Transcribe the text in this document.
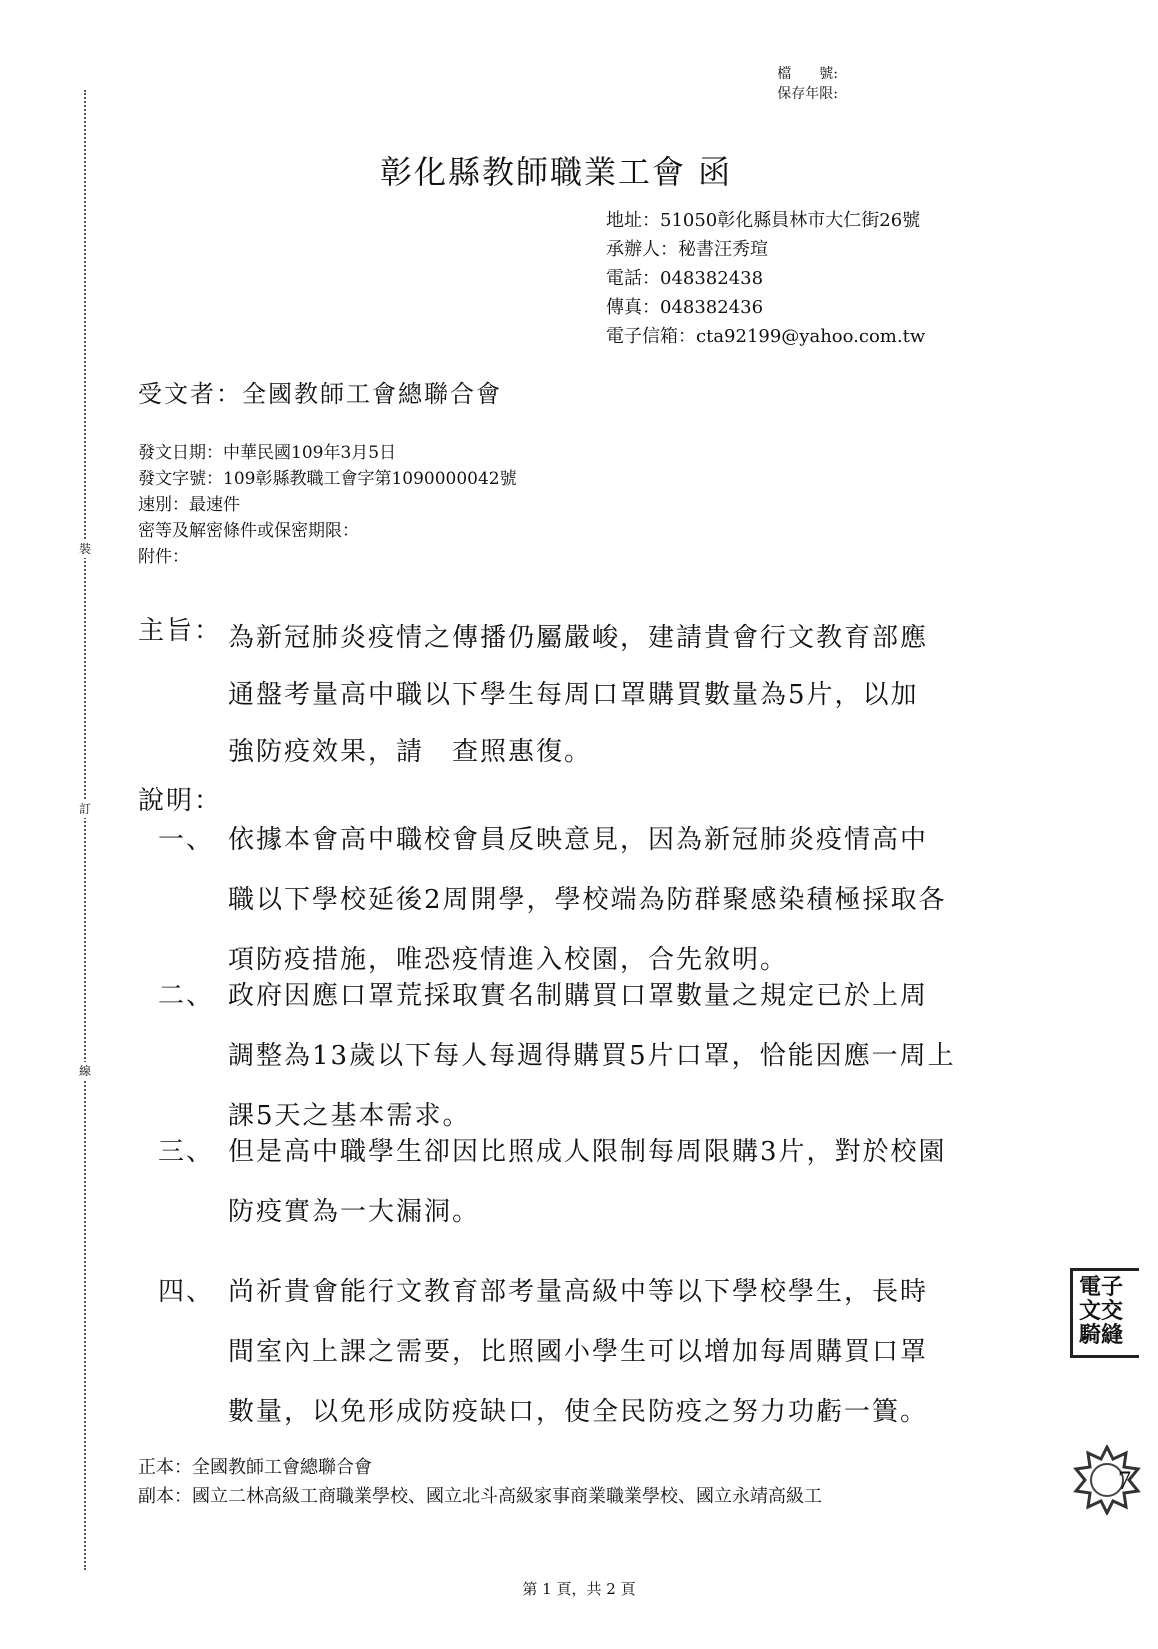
裝
訂
線
檔　　號:
保存年限:
彰化縣教師職業工會 函
地址：51050彰化縣員林市大仁街26號
承辦人：秘書汪秀瑄
電話：048382438
傳真：048382436
電子信箱：cta92199@yahoo.com.tw
受文者：全國教師工會總聯合會
發文日期：中華民國109年3月5日
發文字號：109彰縣教職工會字第1090000042號
速別：最速件
密等及解密條件或保密期限：
附件：
主旨： 為新冠肺炎疫情之傳播仍屬嚴峻，建請貴會行文教育部應
通盤考量高中職以下學生每周口罩購買數量為5片，以加
強防疫效果，請　查照惠復。
說明：
一、 依據本會高中職校會員反映意見，因為新冠肺炎疫情高中
職以下學校延後2周開學，學校端為防群聚感染積極採取各
項防疫措施，唯恐疫情進入校園，合先敘明。
二、 政府因應口罩荒採取實名制購買口罩數量之規定已於上周
調整為13歲以下每人每週得購買5片口罩，恰能因應一周上
課5天之基本需求。
三、 但是高中職學生卻因比照成人限制每周限購3片，對於校園
防疫實為一大漏洞。
四、 尚祈貴會能行文教育部考量高級中等以下學校學生，長時
間室內上課之需要，比照國小學生可以增加每周購買口罩
數量，以免形成防疫缺口，使全民防疫之努力功虧一簣。
正本：全國教師工會總聯合會
副本：國立二林高級工商職業學校、國立北斗高級家事商業職業學校、國立永靖高級工
電子
文交
騎縫
7
第 1 頁，共 2 頁
